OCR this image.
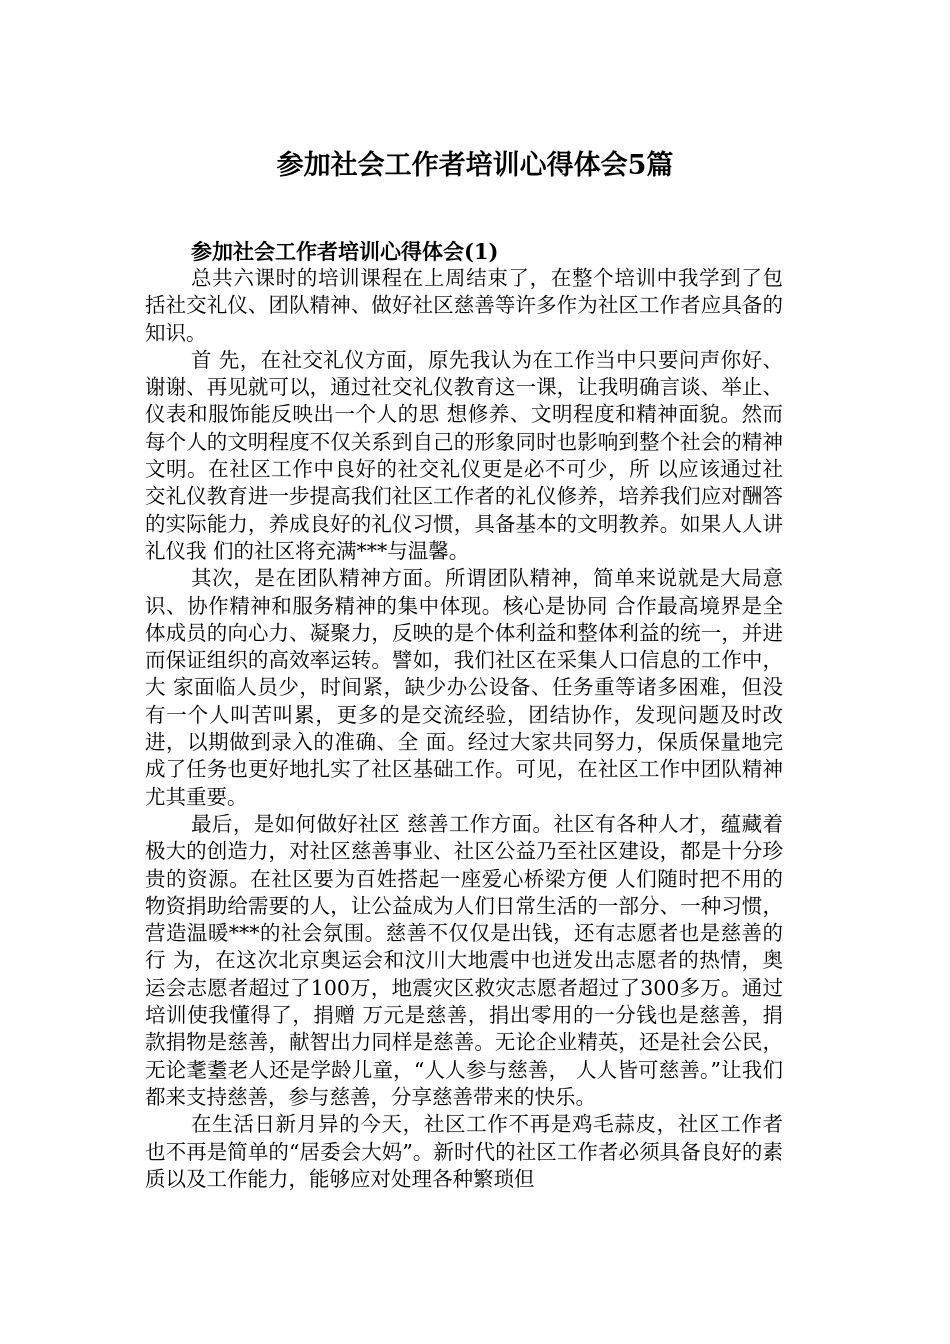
参加社会工作者培训心得体会5篇
参加社会工作者培训心得体会(1)

总共六课时的培训课程在上周结束了，在整个培训中我学到了包括社交礼仪、团队精神、做好社区慈善等许多作为社区工作者应具备的知识。

首 先，在社交礼仪方面，原先我认为在工作当中只要问声你好、谢谢、再见就可以，通过社交礼仪教育这一课，让我明确言谈、举止、仪表和服饰能反映出一个人的思 想修养、文明程度和精神面貌。然而每个人的文明程度不仅关系到自己的形象同时也影响到整个社会的精神文明。在社区工作中良好的社交礼仪更是必不可少，所 以应该通过社交礼仪教育进一步提高我们社区工作者的礼仪修养，培养我们应对酬答的实际能力，养成良好的礼仪习惯，具备基本的文明教养。如果人人讲礼仪我 们的社区将充满***与温馨。

其次，是在团队精神方面。所谓团队精神，简单来说就是大局意识、协作精神和服务精神的集中体现。核心是协同 合作最高境界是全体成员的向心力、凝聚力，反映的是个体利益和整体利益的统一，并进而保证组织的高效率运转。譬如，我们社区在采集人口信息的工作中，大 家面临人员少，时间紧，缺少办公设备、任务重等诸多困难，但没有一个人叫苦叫累，更多的是交流经验，团结协作，发现问题及时改进，以期做到录入的准确、全 面。经过大家共同努力，保质保量地完成了任务也更好地扎实了社区基础工作。可见，在社区工作中团队精神尤其重要。

最后，是如何做好社区 慈善工作方面。社区有各种人才，蕴藏着极大的创造力，对社区慈善事业、社区公益乃至社区建设，都是十分珍贵的资源。在社区要为百姓搭起一座爱心桥梁方便 人们随时把不用的物资捐助给需要的人，让公益成为人们日常生活的一部分、一种习惯，营造温暖***的社会氛围。慈善不仅仅是出钱，还有志愿者也是慈善的行 为，在这次北京奥运会和汶川大地震中也迸发出志愿者的热情，奥运会志愿者超过了100万，地震灾区救灾志愿者超过了300多万。通过培训使我懂得了，捐赠 万元是慈善，捐出零用的一分钱也是慈善，捐款捐物是慈善，献智出力同样是慈善。无论企业精英，还是社会公民，无论耄耋老人还是学龄儿童，“人人参与慈善， 人人皆可慈善。”让我们都来支持慈善，参与慈善，分享慈善带来的快乐。

在生活日新月异的今天，社区工作不再是鸡毛蒜皮，社区工作者也不再是简单的“居委会大妈”。新时代的社区工作者必须具备良好的素质以及工作能力，能够应对处理各种繁琐但
